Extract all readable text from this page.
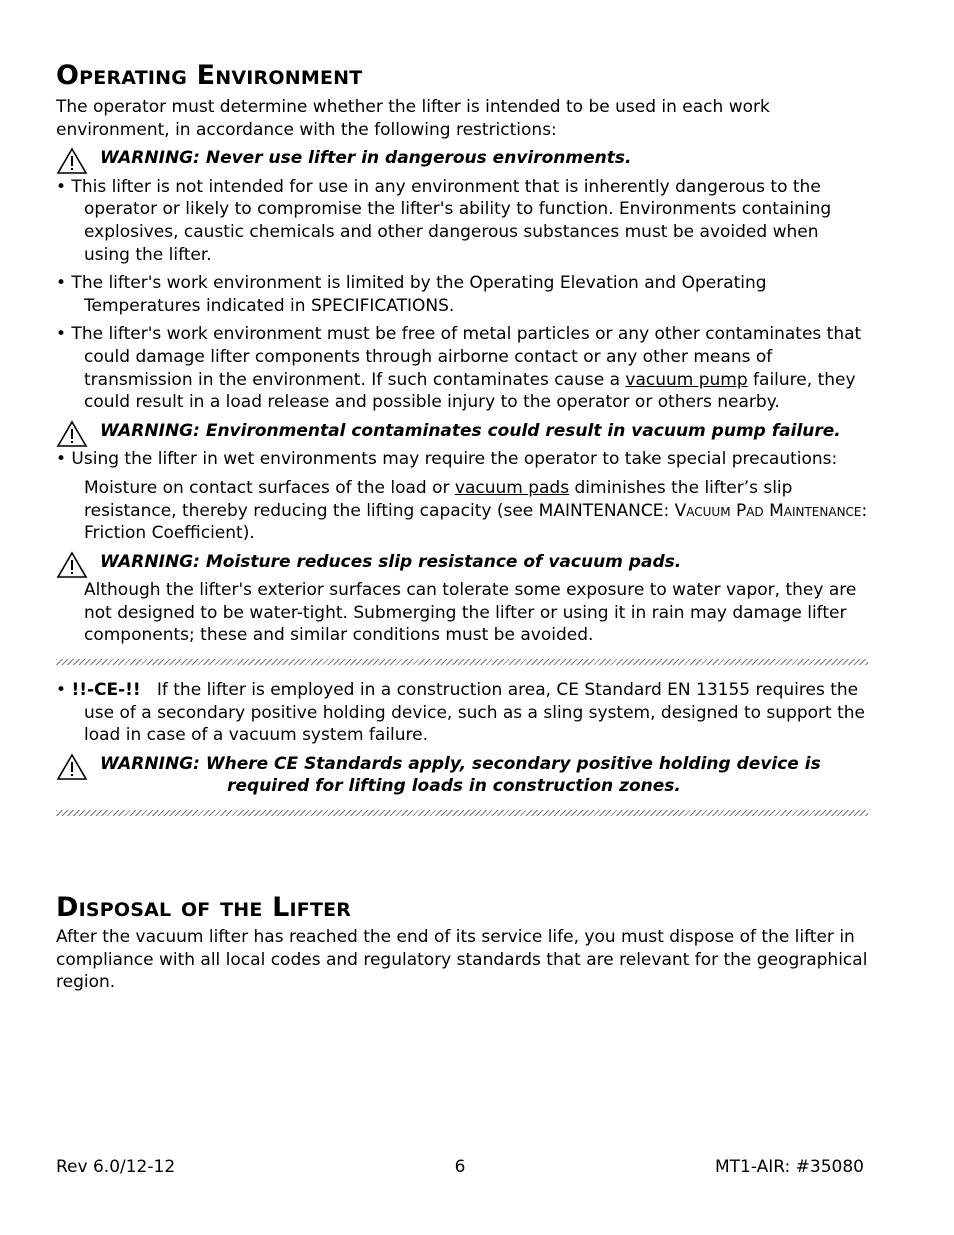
Operating Environment

The operator must determine whether the lifter is intended to be used in each work environment, in accordance with the following restrictions:

WARNING: Never use lifter in dangerous environments.

• This lifter is not intended for use in any environment that is inherently dangerous to the operator or likely to compromise the lifter's ability to function. Environments containing explosives, caustic chemicals and other dangerous substances must be avoided when using the lifter.

• The lifter's work environment is limited by the Operating Elevation and Operating Temperatures indicated in SPECIFICATIONS.

• The lifter's work environment must be free of metal particles or any other contaminates that could damage lifter components through airborne contact or any other means of transmission in the environment. If such contaminates cause a vacuum pump failure, they could result in a load release and possible injury to the operator or others nearby.

WARNING: Environmental contaminates could result in vacuum pump failure.

• Using the lifter in wet environments may require the operator to take special precautions:

Moisture on contact surfaces of the load or vacuum pads diminishes the lifter’s slip resistance, thereby reducing the lifting capacity (see MAINTENANCE: Vacuum Pad Maintenance: Friction Coefficient).

WARNING: Moisture reduces slip resistance of vacuum pads.

Although the lifter's exterior surfaces can tolerate some exposure to water vapor, they are not designed to be water-tight. Submerging the lifter or using it in rain may damage lifter components; these and similar conditions must be avoided.

• !!-CE-!!   If the lifter is employed in a construction area, CE Standard EN 13155 requires the use of a secondary positive holding device, such as a sling system, designed to support the load in case of a vacuum system failure.

WARNING: Where CE Standards apply, secondary positive holding device is
required for lifting loads in construction zones.
Disposal of the Lifter

After the vacuum lifter has reached the end of its service life, you must dispose of the lifter in compliance with all local codes and regulatory standards that are relevant for the geographical region.

Rev 6.0/12-12	6	MT1-AIR: #35080
